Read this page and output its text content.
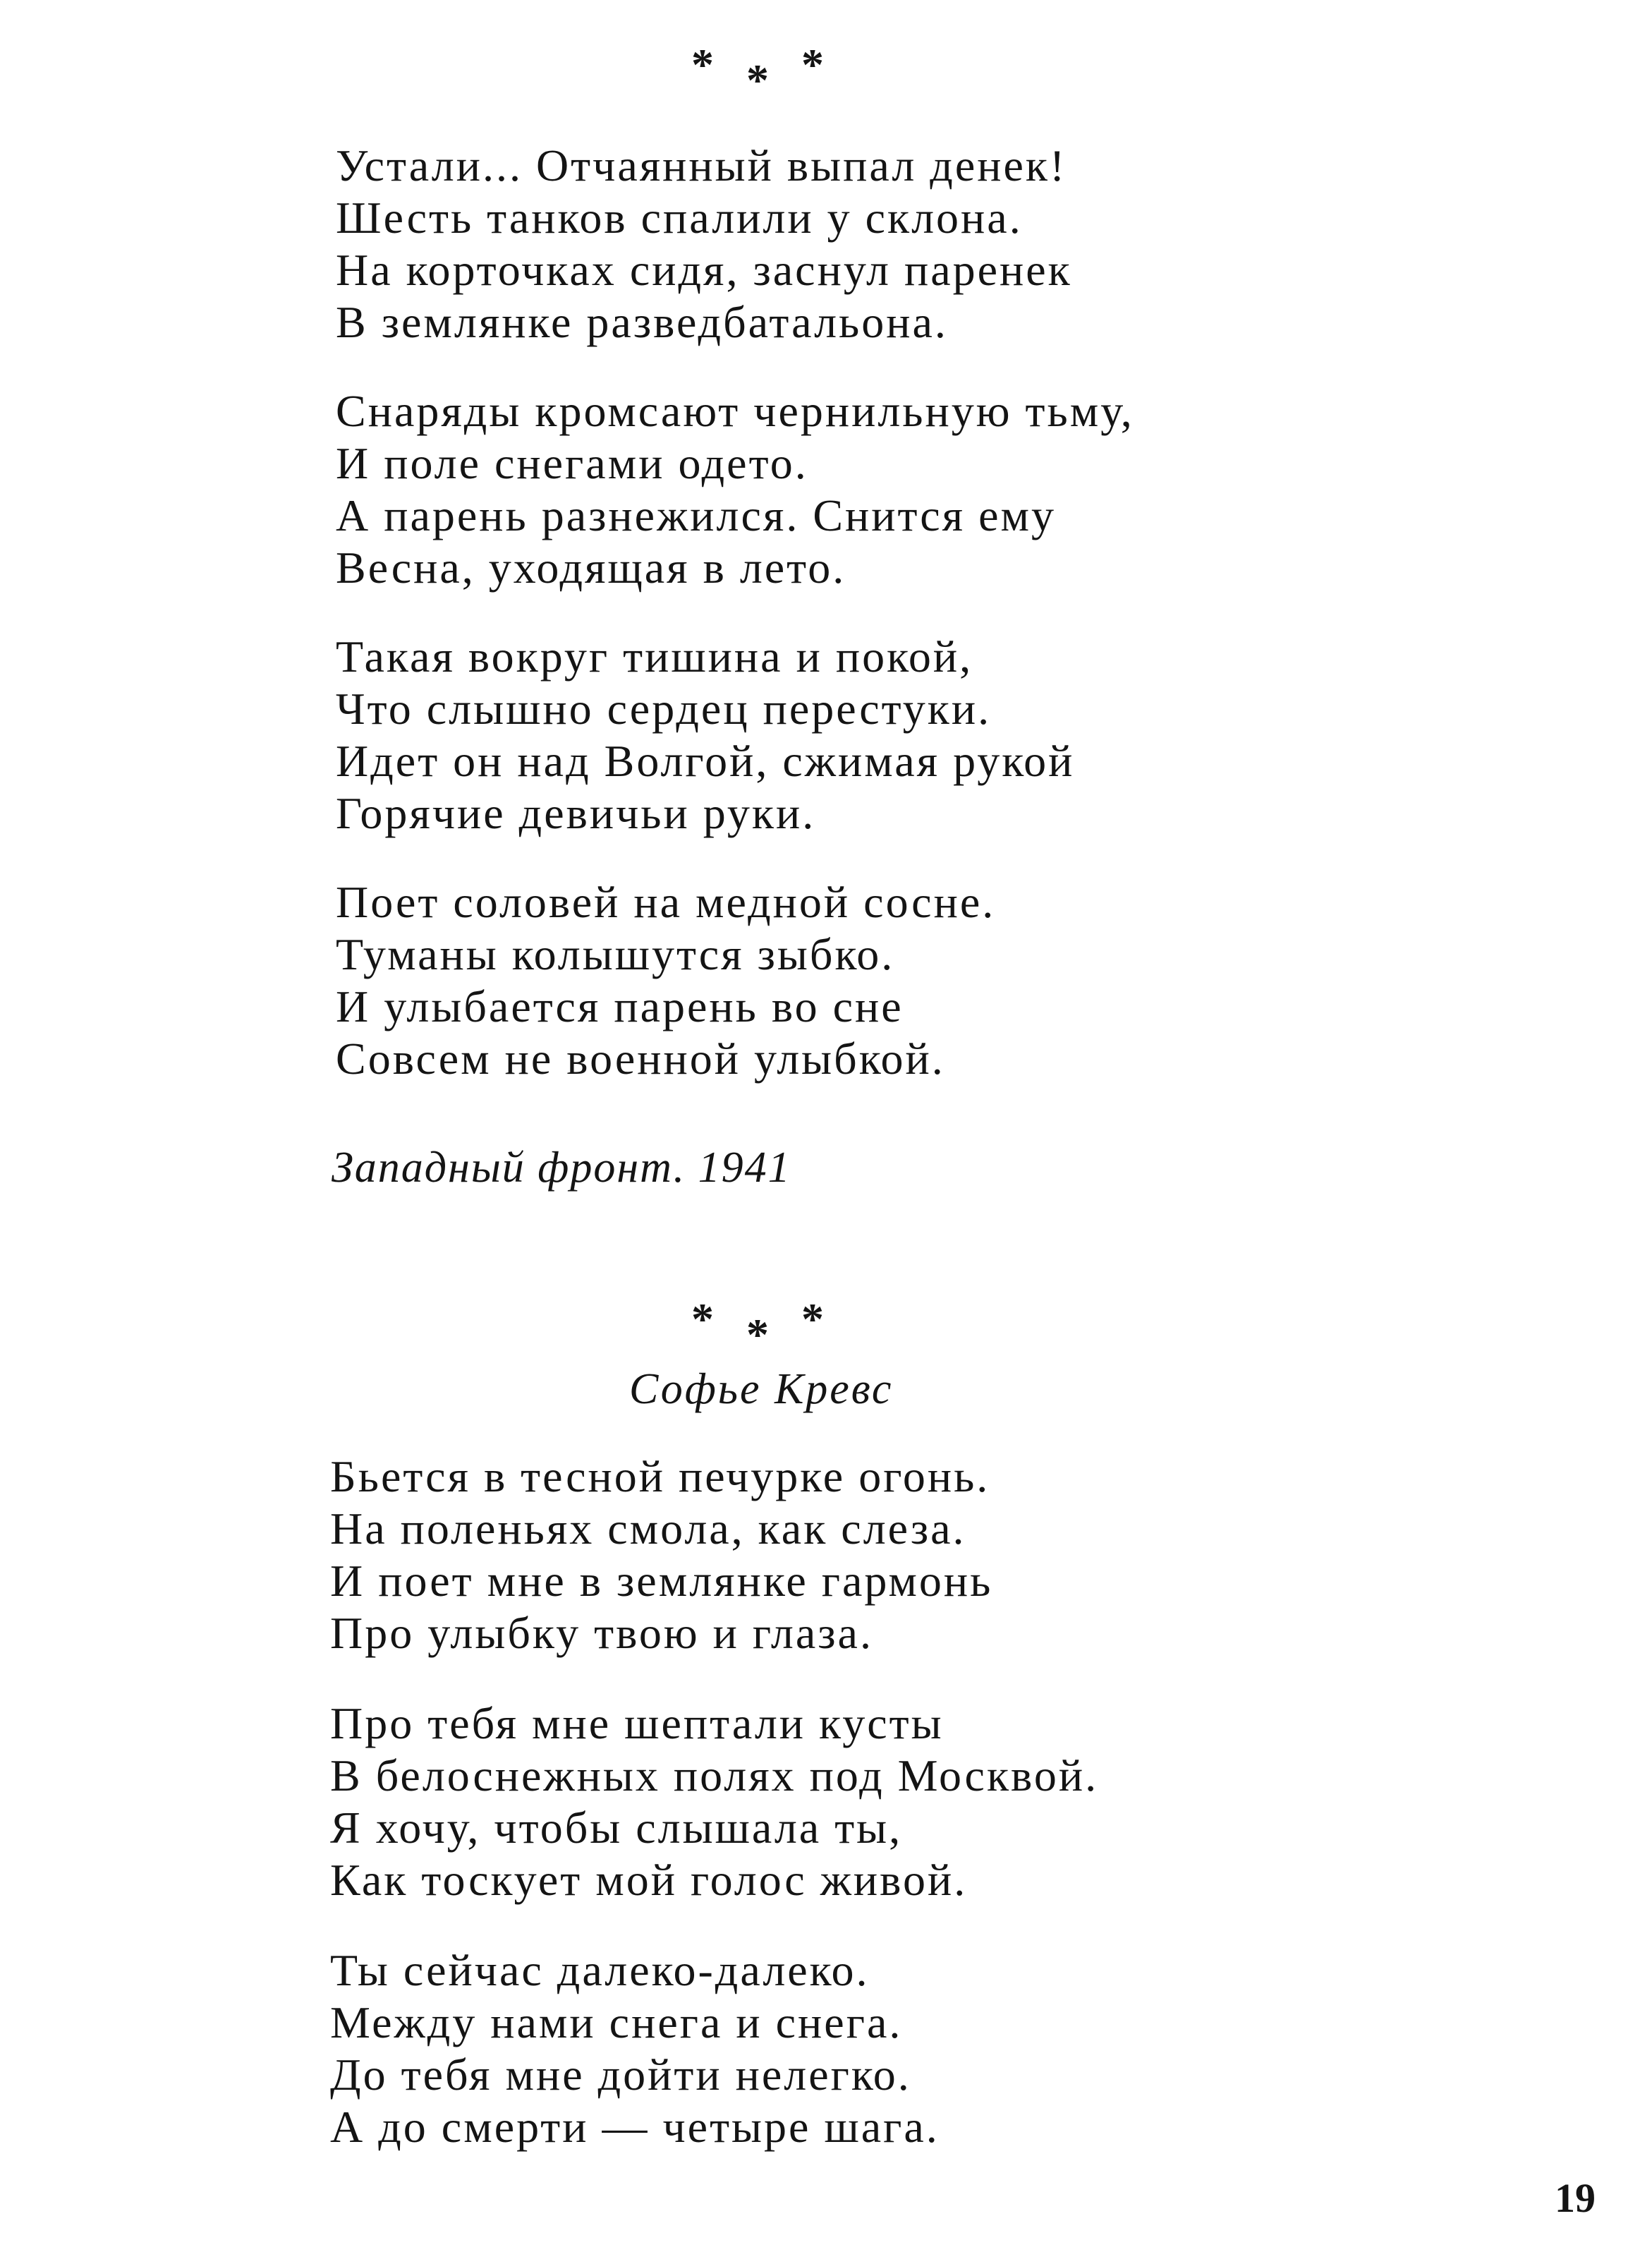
* * *
Устали... Отчаянный выпал денек!
Шесть танков спалили у склона.
На корточках сидя, заснул паренек
В землянке разведбатальона.
Снаряды кромсают чернильную тьму,
И поле снегами одето.
А парень разнежился. Снится ему
Весна, уходящая в лето.
Такая вокруг тишина и покой,
Что слышно сердец перестуки.
Идет он над Волгой, сжимая рукой
Горячие девичьи руки.
Поет соловей на медной сосне.
Туманы колышутся зыбко.
И улыбается парень во сне
Совсем не военной улыбкой.
Западный фронт. 1941
* * *
Софье Кревс
Бьется в тесной печурке огонь.
На поленьях смола, как слеза.
И поет мне в землянке гармонь
Про улыбку твою и глаза.
Про тебя мне шептали кусты
В белоснежных полях под Москвой.
Я хочу, чтобы слышала ты,
Как тоскует мой голос живой.
Ты сейчас далеко-далеко.
Между нами снега и снега.
До тебя мне дойти нелегко.
А до смерти — четыре шага.
19
